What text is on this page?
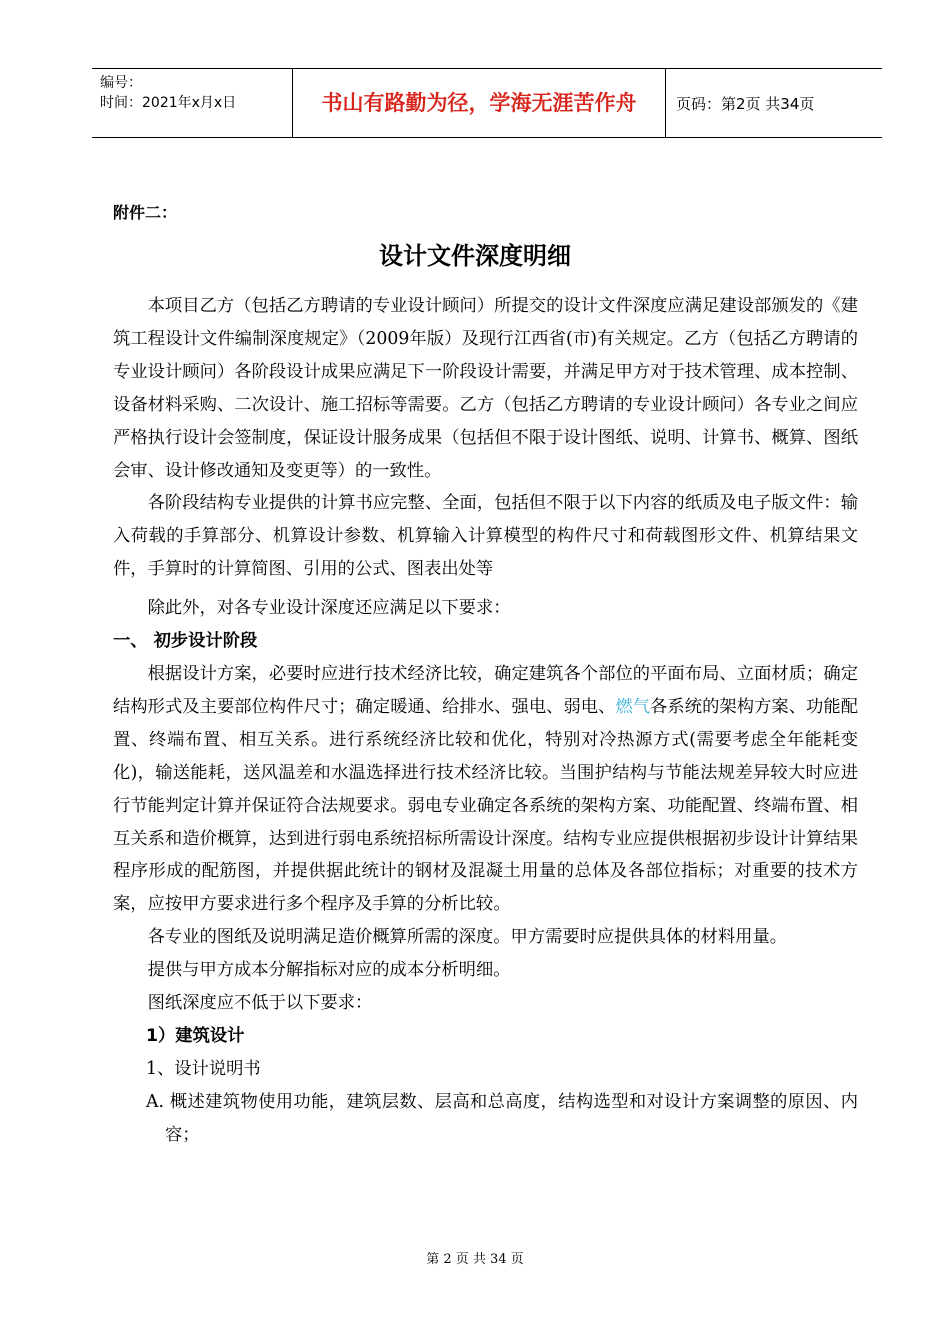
编号：
时间：2021年x月x日	书山有路勤为径，学海无涯苦作舟	页码：第2页 共34页
附件二：
设计文件深度明细

本项目乙方（包括乙方聘请的专业设计顾问）所提交的设计文件深度应满足建设部颁发的《建筑工程设计文件编制深度规定》（2009年版）及现行江西省(市)有关规定。乙方（包括乙方聘请的专业设计顾问）各阶段设计成果应满足下一阶段设计需要，并满足甲方对于技术管理、成本控制、设备材料采购、二次设计、施工招标等需要。乙方（包括乙方聘请的专业设计顾问）各专业之间应严格执行设计会签制度，保证设计服务成果（包括但不限于设计图纸、说明、计算书、概算、图纸会审、设计修改通知及变更等）的一致性。

各阶段结构专业提供的计算书应完整、全面，包括但不限于以下内容的纸质及电子版文件：输入荷载的手算部分、机算设计参数、机算输入计算模型的构件尺寸和荷载图形文件、机算结果文件，手算时的计算简图、引用的公式、图表出处等

除此外，对各专业设计深度还应满足以下要求：

一、 初步设计阶段

根据设计方案，必要时应进行技术经济比较，确定建筑各个部位的平面布局、立面材质；确定结构形式及主要部位构件尺寸；确定暖通、给排水、强电、弱电、燃气各系统的架构方案、功能配置、终端布置、相互关系。进行系统经济比较和优化，特别对冷热源方式(需要考虑全年能耗变化)，输送能耗，送风温差和水温选择进行技术经济比较。当围护结构与节能法规差异较大时应进行节能判定计算并保证符合法规要求。弱电专业确定各系统的架构方案、功能配置、终端布置、相互关系和造价概算，达到进行弱电系统招标所需设计深度。结构专业应提供根据初步设计计算结果程序形成的配筋图，并提供据此统计的钢材及混凝土用量的总体及各部位指标；对重要的技术方案，应按甲方要求进行多个程序及手算的分析比较。

各专业的图纸及说明满足造价概算所需的深度。甲方需要时应提供具体的材料用量。

提供与甲方成本分解指标对应的成本分析明细。

图纸深度应不低于以下要求：

1）建筑设计

1、设计说明书

A. 概述建筑物使用功能，建筑层数、层高和总高度，结构选型和对设计方案调整的原因、内容；

第 2 页 共 34 页
